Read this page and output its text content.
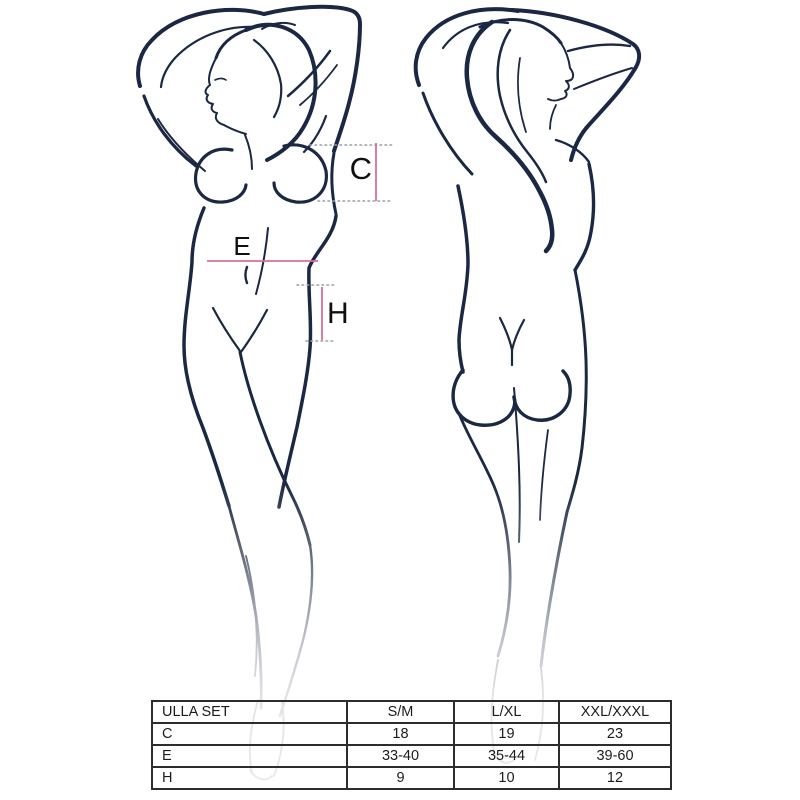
C
E
H
ULLA SET	S/M	L/XL	XXL/XXXL
C	18	19	23
E	33-40	35-44	39-60
H	9	10	12
